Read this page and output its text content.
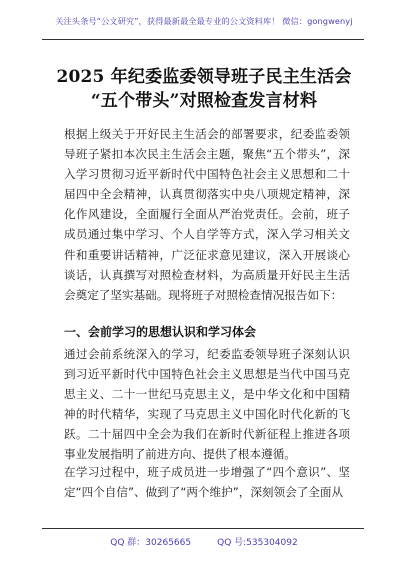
关注头条号“公文研究”，获得最新最全最专业的公文资料库！ 微信：gongwenyj
2025 年纪委监委领导班子民主生活会
“五个带头”对照检查发言材料

根据上级关于开好民主生活会的部署要求，纪委监委领导班子紧扣本次民主生活会主题，聚焦“五个带头”，深入学习贯彻习近平新时代中国特色社会主义思想和二十届四中全会精神，认真贯彻落实中央八项规定精神，深化作风建设，全面履行全面从严治党责任。会前，班子成员通过集中学习、个人自学等方式，深入学习相关文件和重要讲话精神，广泛征求意见建议，深入开展谈心谈话，认真撰写对照检查材料，为高质量开好民主生活会奠定了坚实基础。现将班子对照检查情况报告如下：

一、会前学习的思想认识和学习体会

通过会前系统深入的学习，纪委监委领导班子深刻认识到习近平新时代中国特色社会主义思想是当代中国马克思主义、二十一世纪马克思主义，是中华文化和中国精神的时代精华，实现了马克思主义中国化时代化新的飞跃。二十届四中全会为我们在新时代新征程上推进各项事业发展指明了前进方向、提供了根本遵循。

在学习过程中，班子成员进一步增强了“四个意识”、坚定“四个自信”、做到了“两个维护”，深刻领会了全面从

QQ 群：30265665	QQ 号:535304092
